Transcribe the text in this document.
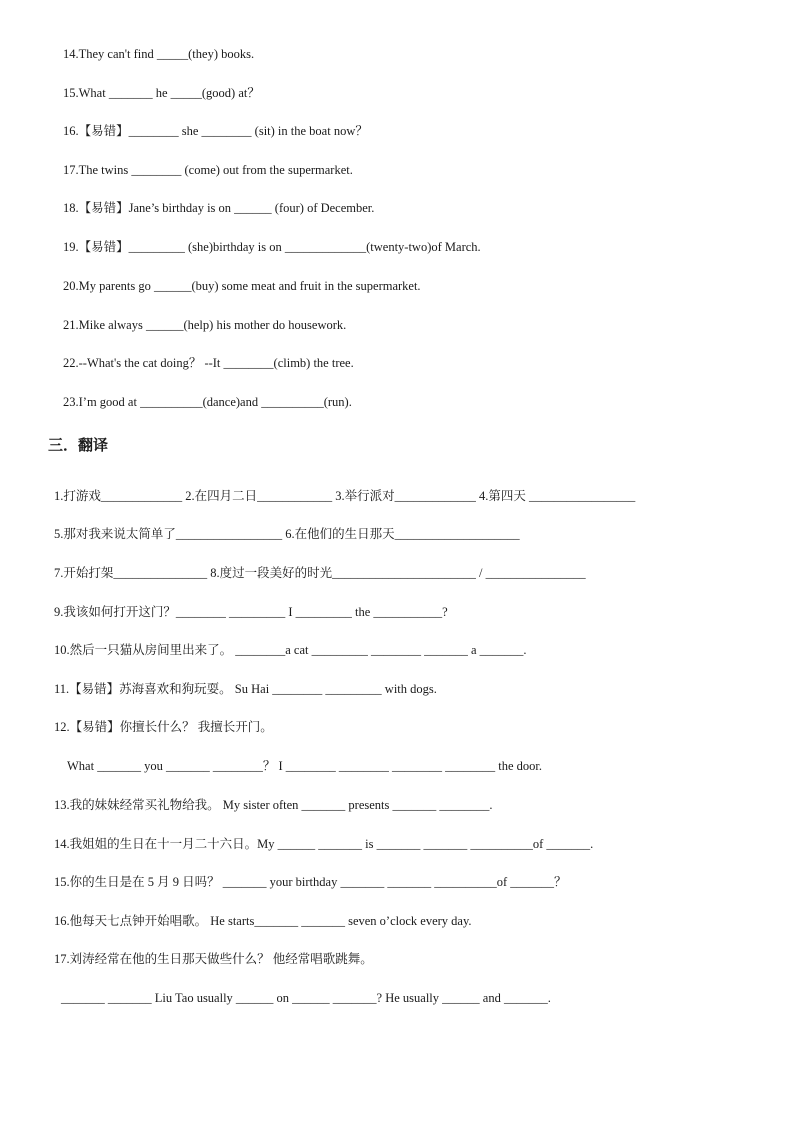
14.They can't find _____(they) books.
15.What _______ he _____(good) at？
16.【易错】________ she ________ (sit) in the boat now？
17.The twins ________ (come) out from the supermarket.
18.【易错】Jane’s birthday is on ______ (four) of December.
19.【易错】_________ (she)birthday is on _____________(twenty-two)of March.
20.My parents go ______(buy) some meat and fruit in the supermarket.
21.Mike always ______(help) his mother do housework.
22.--What's the cat doing？ --It ________(climb) the tree.
23.I’m good at __________(dance)and __________(run).
三．翻译
1.打游戏_____________ 2.在四月二日____________ 3.举行派对_____________ 4.第四天 _________________
5.那对我来说太简单了_________________ 6.在他们的生日那天____________________
7.开始打架_______________ 8.度过一段美好的时光_______________________ / ________________
9.我该如何打开这门？________ _________ I _________ the ___________?
10.然后一只猫从房间里出来了。 ________a cat _________ ________ _______ a _______.
11.【易错】苏海喜欢和狗玩耍。 Su Hai ________ _________ with dogs.
12.【易错】你擅长什么？ 我擅长开门。
What _______ you _______ ________？ I ________ ________ ________ ________ the door.
13.我的妹妹经常买礼物给我。 My sister often _______ presents _______ ________.
14.我姐姐的生日在十一月二十六日。My ______ _______ is _______ _______ __________of _______.
15.你的生日是在 5 月 9 日吗？ _______ your birthday _______ _______ __________of _______？
16.他每天七点钟开始唱歌。 He starts_______ _______ seven o’clock every day.
17.刘涛经常在他的生日那天做些什么？ 他经常唱歌跳舞。
_______ _______ Liu Tao usually ______ on ______ _______? He usually ______ and _______.
